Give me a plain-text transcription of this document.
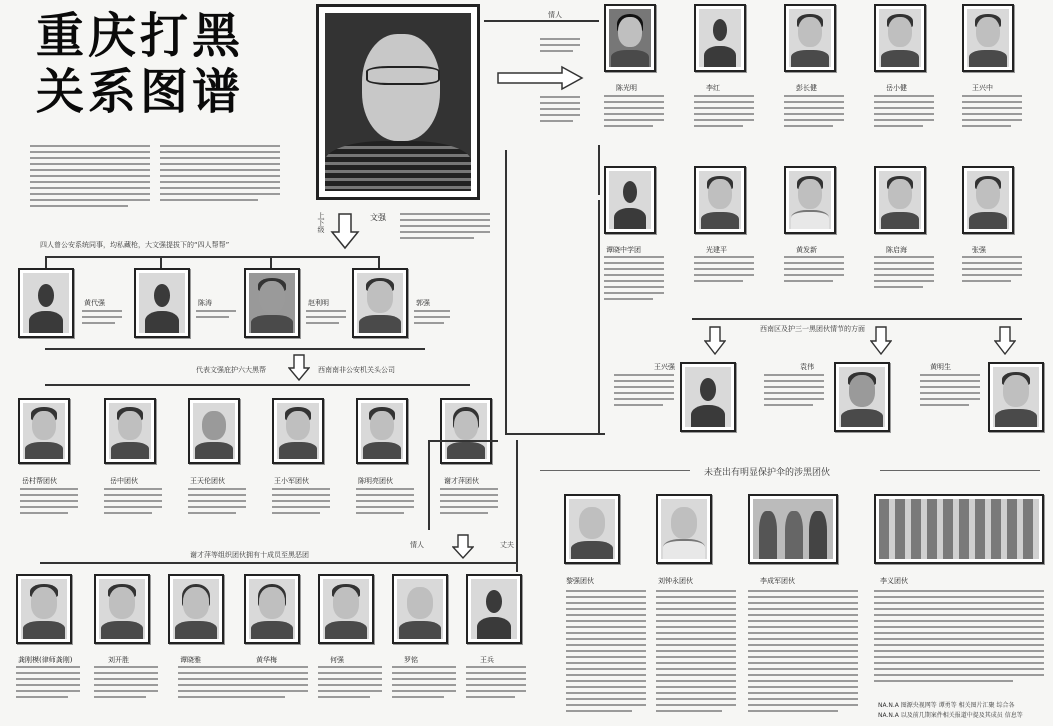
重庆打黑
关系图谱
文强
上下级
情人
陈光明	李红	彭长健	岳小健	王兴中
谭晓中学团	光建平	黄发新	陈启海	张强
西南区及护三一黑团伙情节的方面
王兴强	袁伟	黄明生
四人曾公安系统同事，均私藏枪，大文强提拔下的“四人帮帮”
黄代强	陈涛	赵利明	郭强
代表文强庇护六大黑帮	西南南非公安机关头公司
岳村帮团伙	岳中团伙	王天伦团伙	王小军团伙	陈明亮团伙	谢才萍团伙
情人	丈夫
谢才萍等组织团伙拥有十成员至黑恶团
龚刚模(律师龚刚)	刘开胜	谭晓雅	黄华梅	何强	罗铭	王兵
未查出有明显保护伞的涉黑团伙
黎强团伙	刘钟永团伙	李成军团伙	李义团伙
NA.N.A 图源央视网等 谭勇等 相关图片汇聚 综合各
NA.N.A 以及前几期案件相关报道中提及其成员 信息等
